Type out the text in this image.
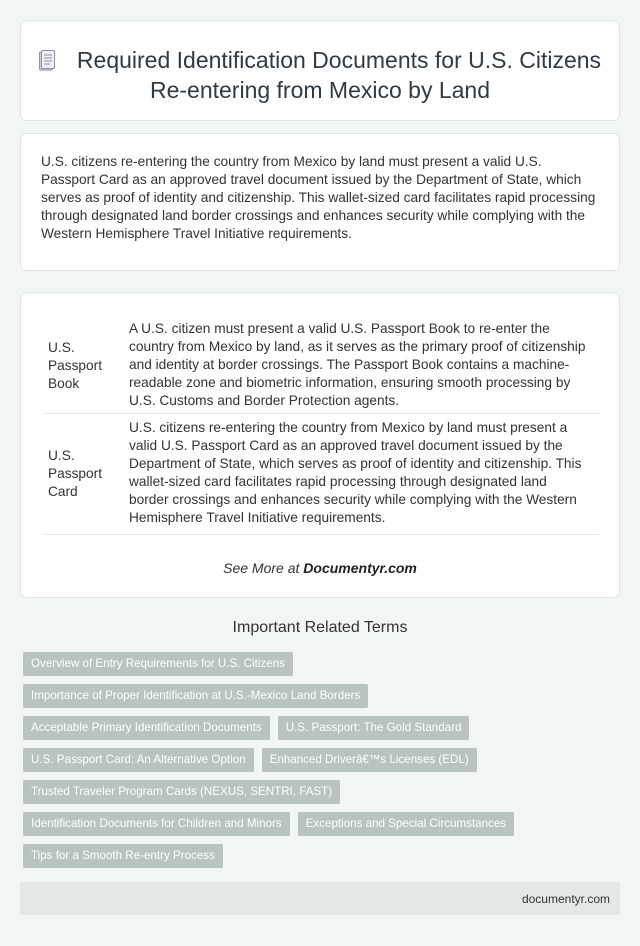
Required Identification Documents for U.S. Citizens Re-entering from Mexico by Land

U.S. citizens re-entering the country from Mexico by land must present a valid U.S. Passport Card as an approved travel document issued by the Department of State, which serves as proof of identity and citizenship. This wallet-sized card facilitates rapid processing through designated land border crossings and enhances security while complying with the Western Hemisphere Travel Initiative requirements.

U.S. Passport Book	A U.S. citizen must present a valid U.S. Passport Book to re-enter the country from Mexico by land, as it serves as the primary proof of citizenship and identity at border crossings. The Passport Book contains a machine-readable zone and biometric information, ensuring smooth processing by U.S. Customs and Border Protection agents.
U.S. Passport Card	U.S. citizens re-entering the country from Mexico by land must present a valid U.S. Passport Card as an approved travel document issued by the Department of State, which serves as proof of identity and citizenship. This wallet-sized card facilitates rapid processing through designated land border crossings and enhances security while complying with the Western Hemisphere Travel Initiative requirements.
See More at Documentyr.com
Important Related Terms
Overview of Entry Requirements for U.S. Citizens
Importance of Proper Identification at U.S.-Mexico Land Borders
Acceptable Primary Identification Documents	U.S. Passport: The Gold Standard
U.S. Passport Card: An Alternative Option	Enhanced Driverâ€™s Licenses (EDL)
Trusted Traveler Program Cards (NEXUS, SENTRI, FAST)
Identification Documents for Children and Minors	Exceptions and Special Circumstances
Tips for a Smooth Re-entry Process
documentyr.com
